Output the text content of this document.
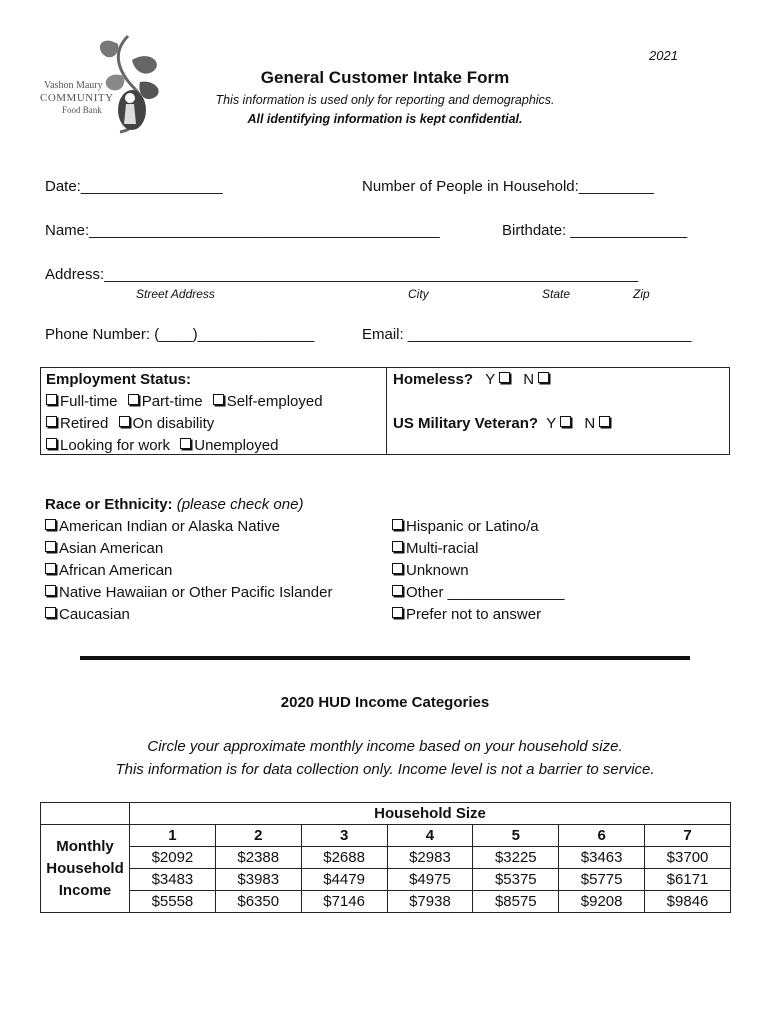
Vashon Maury
COMMUNITY
Food Bank
2021
General Customer Intake Form
This information is used only for reporting and demographics.
All identifying information is kept confidential.
Date:_________________	Number of People in Household:_________
Name:__________________________________________	Birthdate: ______________
Address:________________________________________________________________
Street Address	City	State	Zip
Phone Number: (____)______________	Email: __________________________________
Employment Status:
Full-time Part-time Self-employed
Retired On disability
Looking for work Unemployed
Homeless? Y N
US Military Veteran? Y N
Race or Ethnicity: (please check one)
American Indian or Alaska Native
Asian American
African American
Native Hawaiian or Other Pacific Islander
Caucasian
Hispanic or Latino/a
Multi-racial
Unknown
Other ______________
Prefer not to answer
2020 HUD Income Categories
Circle your approximate monthly income based on your household size.
This information is for data collection only. Income level is not a barrier to service.
	Household Size						

Monthly
Household
Income	1	2	3	4	5	6	7
	$2092	$2388	$2688	$2983	$3225	$3463	$3700
	$3483	$3983	$4479	$4975	$5375	$5775	$6171
	$5558	$6350	$7146	$7938	$8575	$9208	$9846
